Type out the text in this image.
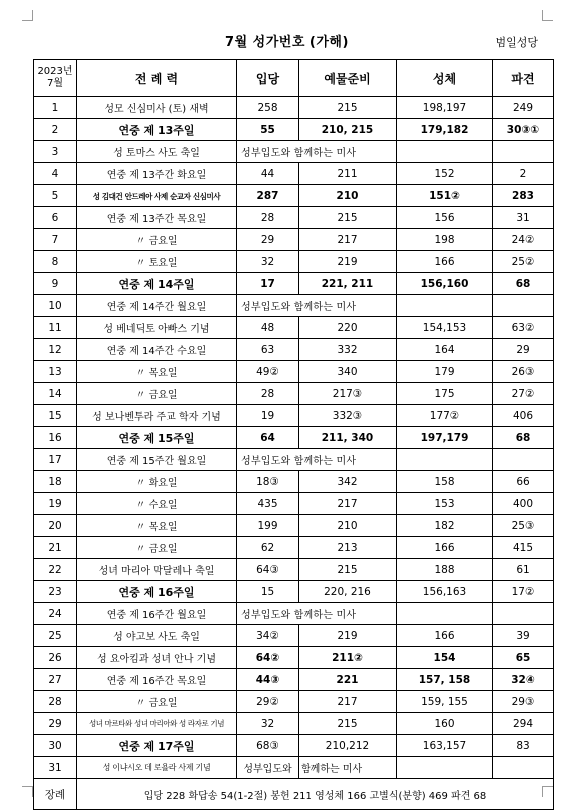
7월 성가번호 (가해)	범일성당
2023년 7월	전 례 력	입당	예물준비	성체	파견
1	성모 신심미사 (토) 새벽	258	215	198,197	249
2	연중 제 13주일	55	210, 215	179,182	30③①
3	성 토마스 사도 축일	성부입도와 함께하는 미사			
4	연중 제 13주간 화요일	44	211	152	2
5	성 김대건 안드레아 사제 순교자 신심미사	287	210	151②	283
6	연중 제 13주간 목요일	28	215	156	31
7	〃 금요일	29	217	198	24②
8	〃 토요일	32	219	166	25②
9	연중 제 14주일	17	221, 211	156,160	68
10	연중 제 14주간 월요일	성부입도와 함께하는 미사			
11	성 베네딕토 아빠스 기념	48	220	154,153	63②
12	연중 제 14주간 수요일	63	332	164	29
13	〃 목요일	49②	340	179	26③
14	〃 금요일	28	217③	175	27②
15	성 보나벤투라 주교 학자 기념	19	332③	177②	406
16	연중 제 15주일	64	211, 340	197,179	68
17	연중 제 15주간 월요일	성부입도와 함께하는 미사			
18	〃 화요일	18③	342	158	66
19	〃 수요일	435	217	153	400
20	〃 목요일	199	210	182	25③
21	〃 금요일	62	213	166	415
22	성녀 마리아 막달레나 축일	64③	215	188	61
23	연중 제 16주일	15	220, 216	156,163	17②
24	연중 제 16주간 월요일	성부입도와 함께하는 미사			
25	성 야고보 사도 축일	34②	219	166	39
26	성 요아킴과 성녀 안나 기념	64②	211②	154	65
27	연중 제 16주간 목요일	44③	221	157, 158	32④
28	〃 금요일	29②	217	159, 155	29③
29	성녀 마르타와 성녀 마리아와 성 라자로 기념	32	215	160	294
30	연중 제 17주일	68③	210,212	163,157	83
31	성 이냐시오 데 로욜라 사제 기념	성부입도와	함께하는 미사		
장례	입당 228 화답송 54(1-2절) 봉헌 211 영성체 166 고별식(분향) 469 파견 68				
